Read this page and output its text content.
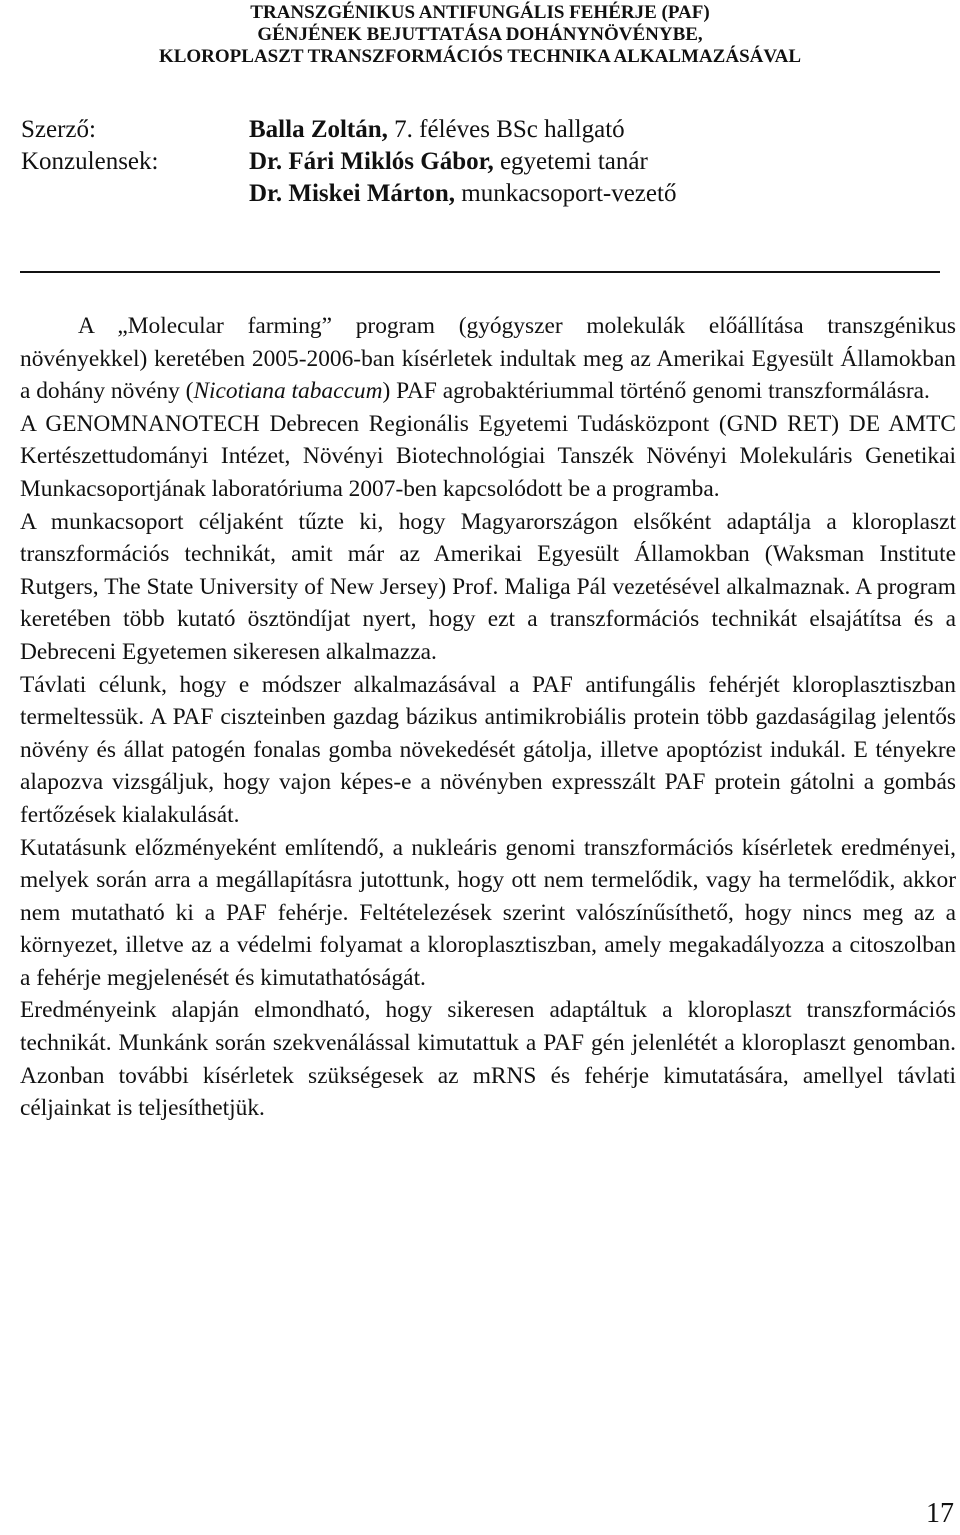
TRANSZGÉNIKUS ANTIFUNGÁLIS FEHÉRJE (PAF)
GÉNJÉNEK BEJUTTATÁSA DOHÁNYNÖVÉNYBE,
KLOROPLASZT TRANSZFORMÁCIÓS TECHNIKA ALKALMAZÁSÁVAL
Szerző:	Balla Zoltán, 7. féléves BSc hallgató
Konzulensek:	Dr. Fári Miklós Gábor, egyetemi tanár
Dr. Miskei Márton, munkacsoport-vezető

A „Molecular farming” program (gyógyszer molekulák előállítása transzgénikus növényekkel) keretében 2005-2006-ban kísérletek indultak meg az Amerikai Egyesült Államokban a dohány növény (Nicotiana tabaccum) PAF agrobaktériummal történő genomi transzformálásra.

A GENOMNANOTECH Debrecen Regionális Egyetemi Tudásközpont (GND RET) DE AMTC Kertészettudományi Intézet, Növényi Biotechnológiai Tanszék Növényi Molekuláris Genetikai Munkacsoportjának laboratóriuma 2007-ben kapcsolódott be a programba.

A munkacsoport céljaként tűzte ki, hogy Magyarországon elsőként adaptálja a kloroplaszt transzformációs technikát, amit már az Amerikai Egyesült Államokban (Waksman Institute Rutgers, The State University of New Jersey) Prof. Maliga Pál vezetésével alkalmaznak. A program keretében több kutató ösztöndíjat nyert, hogy ezt a transzformációs technikát elsajátítsa és a Debreceni Egyetemen sikeresen alkalmazza.

Távlati célunk, hogy e módszer alkalmazásával a PAF antifungális fehérjét kloroplasztiszban termeltessük. A PAF ciszteinben gazdag bázikus antimikrobiális protein több gazdaságilag jelentős növény és állat patogén fonalas gomba növekedését gátolja, illetve apoptózist indukál. E tényekre alapozva vizsgáljuk, hogy vajon képes-e a növényben expresszált PAF protein gátolni a gombás fertőzések kialakulását.

Kutatásunk előzményeként említendő, a nukleáris genomi transzformációs kísérletek eredményei, melyek során arra a megállapításra jutottunk, hogy ott nem termelődik, vagy ha termelődik, akkor nem mutatható ki a PAF fehérje. Feltételezések szerint valószínűsíthető, hogy nincs meg az a környezet, illetve az a védelmi folyamat a kloroplasztiszban, amely megakadályozza a citoszolban a fehérje megjelenését és kimutathatóságát.

Eredményeink alapján elmondható, hogy sikeresen adaptáltuk a kloroplaszt transzformációs technikát. Munkánk során szekvenálással kimutattuk a PAF gén jelenlétét a kloroplaszt genomban. Azonban további kísérletek szükségesek az mRNS és fehérje kimutatására, amellyel távlati céljainkat is teljesíthetjük.

17
